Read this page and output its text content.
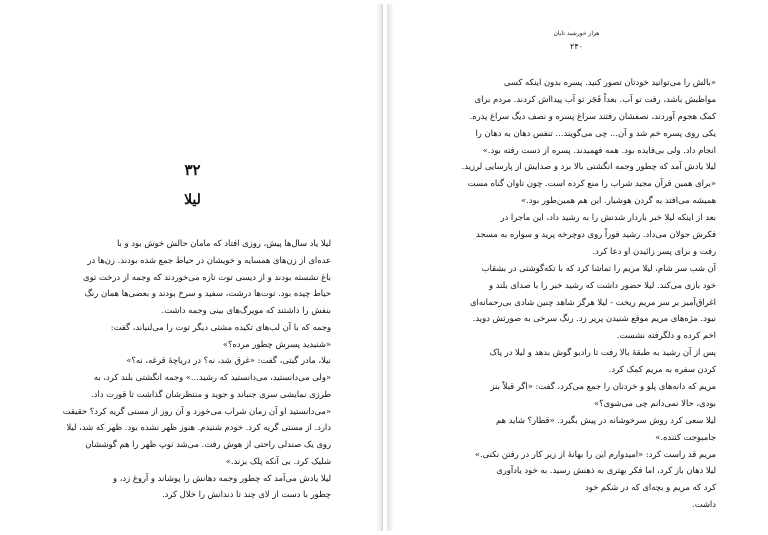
۳۲
لیلا
لیلا یاد سال‌ها پیش، روزی افتاد که مامان حالش خوش بود و با
عده‌ای از زن‌های همسایه و خویشان در حیاط جمع شده بودند. زن‌ها در
باغ نشسته بودند و از دیسی توت تازه می‌خوردند که وجمه از درخت توی
حیاط چیده بود. توت‌ها درشت، سفید و سرخ بودند و بعضی‌ها همان رنگ
بنفش را داشتند که مویرگ‌های بینی وجمه داشت.
وجمه که با آن لب‌های تکیده مشتی دیگر توت را می‌لنباند، گفت:
«شنیدید پسرش چطور مرده؟»
نیلا، مادر گیتی، گفت: «غرق شد، نه؟ در دریاچهٔ قرغه، نه؟»
«ولی می‌دانستید، می‌دانستید که رشید...» وجمه انگشتی بلند کرد، به
طرزی نمایشی سری جنباند و جوید و منتظرشان گذاشت تا قورت داد.
«می‌دانستید او آن زمان شراب می‌خورد و آن روز از مستی گریه کرد؟ حقیقت
دارد. از مستی گریه کرد. خودم شنیدم. هنوز ظهر نشده بود. ظهر که شد، لیلا
روی یک صندلی راحتی از هوش رفت. می‌شد توپ ظهر را هم گوششان
شلیک کرد. بی آنکه پلک بزند.»
لیلا یادش می‌آمد که چطور وجمه دهانش را پوشاند و آروغ زد، و
چطور با دست از لای چند تا دندانش را خلال کرد.
هزار خورشید تابان
۲۴۰
«بالش را می‌توانید خودتان تصور کنید. پسره بدون اینکه کسی
مواظبش باشد، رفت تو آب. بعداً فَجَر تو آب پیدااش کردند. مردم برای
کمک هجوم آوردند، نصفشان رفتند سراغ پسره و نصف دیگ سراغ پدره.
یکی روی پسره خم شد و آن... چی می‌گویند... تنفس دهان به دهان را
انجام داد. ولی بی‌فایده بود. همه فهمیدند. پسره از دست رفته بود.»
لیلا یادش آمد که چطور وجمه انگشتی بالا برد و صدایش از پارسایی لرزید.
«برای همین قرآن مجید شراب را منع کرده است. چون تاوان گناه مست
همیشه می‌افتد به گردن هوشیار. این هم همین‌طور بود.»
بعد از اینکه لیلا خبر باردار شدنش را به رشید داد، این ماجرا در
فکرش جولان می‌داد. رشید فوراً روی دوچرخه پرید و سواره به مسجد
رفت و برای پسر زائیدن او دعا کرد.
آن شب سر شام، لیلا مریم را تماشا کرد که با تکه‌گوشتی در بشقاب
خود بازی می‌کند. لیلا حضور داشت که رشید خبر را با صدای بلند و
اغراق‌آمیز بر سر مریم ریخت - لیلا هرگز شاهد چنین شادی بی‌رحمانه‌ای
نبود. مژه‌های مریم موقع شنیدن پرپر زد. رنگ سرخی به صورتش دوید.
اخم کرده و دلگرفته نشست.
پس از آن رشید به طبقهٔ بالا رفت تا رادیو گوش بدهد و لیلا در پاک
کردن سفره به مریم کمک کرد.
مریم که دانه‌های پلو و خردنان را جمع می‌کرد، گفت: «اگر قبلاً بنز
بودی، حالا نمی‌دانم چی می‌شوی؟»
لیلا سعی کرد روش سرخوشانه در پیش بگیرد. «قطار؟ شاید هم
جامبوجت کننده.»
مریم قد راست کرد: «امیدوارم این را بهانهٔ از زیر کار در رفتن نکنی.»
لیلا دهان باز کرد، اما فکر بهتری به ذهنش رسید. به خود یادآوری
کرد که مریم و بچه‌ای که در شکم خود
داشت.
